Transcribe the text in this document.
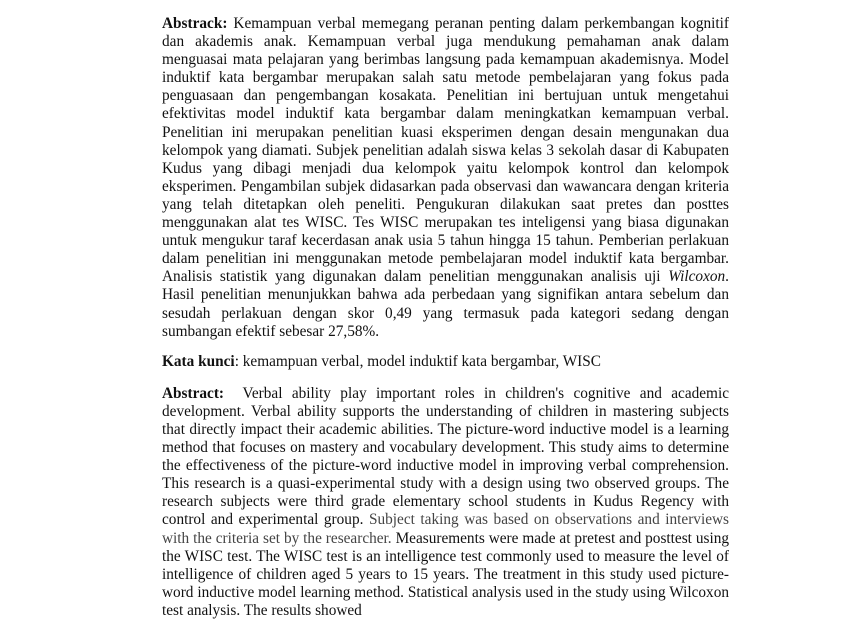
Abstrack: Kemampuan verbal memegang peranan penting dalam perkembangan kognitif dan akademis anak. Kemampuan verbal juga mendukung pemahaman anak dalam menguasai mata pelajaran yang berimbas langsung pada kemampuan akademisnya. Model induktif kata bergambar merupakan salah satu metode pembelajaran yang fokus pada penguasaan dan pengembangan kosakata. Penelitian ini bertujuan untuk mengetahui efektivitas model induktif kata bergambar dalam meningkatkan kemampuan verbal. Penelitian ini merupakan penelitian kuasi eksperimen dengan desain mengunakan dua kelompok yang diamati. Subjek penelitian adalah siswa kelas 3 sekolah dasar di Kabupaten Kudus yang dibagi menjadi dua kelompok yaitu kelompok kontrol dan kelompok eksperimen. Pengambilan subjek didasarkan pada observasi dan wawancara dengan kriteria yang telah ditetapkan oleh peneliti. Pengukuran dilakukan saat pretes dan posttes menggunakan alat tes WISC. Tes WISC merupakan tes inteligensi yang biasa digunakan untuk mengukur taraf kecerdasan anak usia 5 tahun hingga 15 tahun. Pemberian perlakuan dalam penelitian ini menggunakan metode pembelajaran model induktif kata bergambar. Analisis statistik yang digunakan dalam penelitian menggunakan analisis uji Wilcoxon. Hasil penelitian menunjukkan bahwa ada perbedaan yang signifikan antara sebelum dan sesudah perlakuan dengan skor 0,49 yang termasuk pada kategori sedang dengan sumbangan efektif sebesar 27,58%.

Kata kunci: kemampuan verbal, model induktif kata bergambar, WISC

Abstract:  Verbal ability play important roles in children's cognitive and academic development. Verbal ability supports the understanding of children in mastering subjects that directly impact their academic abilities. The picture-word inductive model is a learning method that focuses on mastery and vocabulary development. This study aims to determine the effectiveness of the picture-word inductive model in improving verbal comprehension. This research is a quasi-experimental study with a design using two observed groups. The research subjects were third grade elementary school students in Kudus Regency with control and experimental group. Subject taking was based on observations and interviews with the criteria set by the researcher. Measurements were made at pretest and posttest using the WISC test. The WISC test is an intelligence test commonly used to measure the level of intelligence of children aged 5 years to 15 years. The treatment in this study used picture-word inductive model learning method. Statistical analysis used in the study using Wilcoxon test analysis. The results showed
